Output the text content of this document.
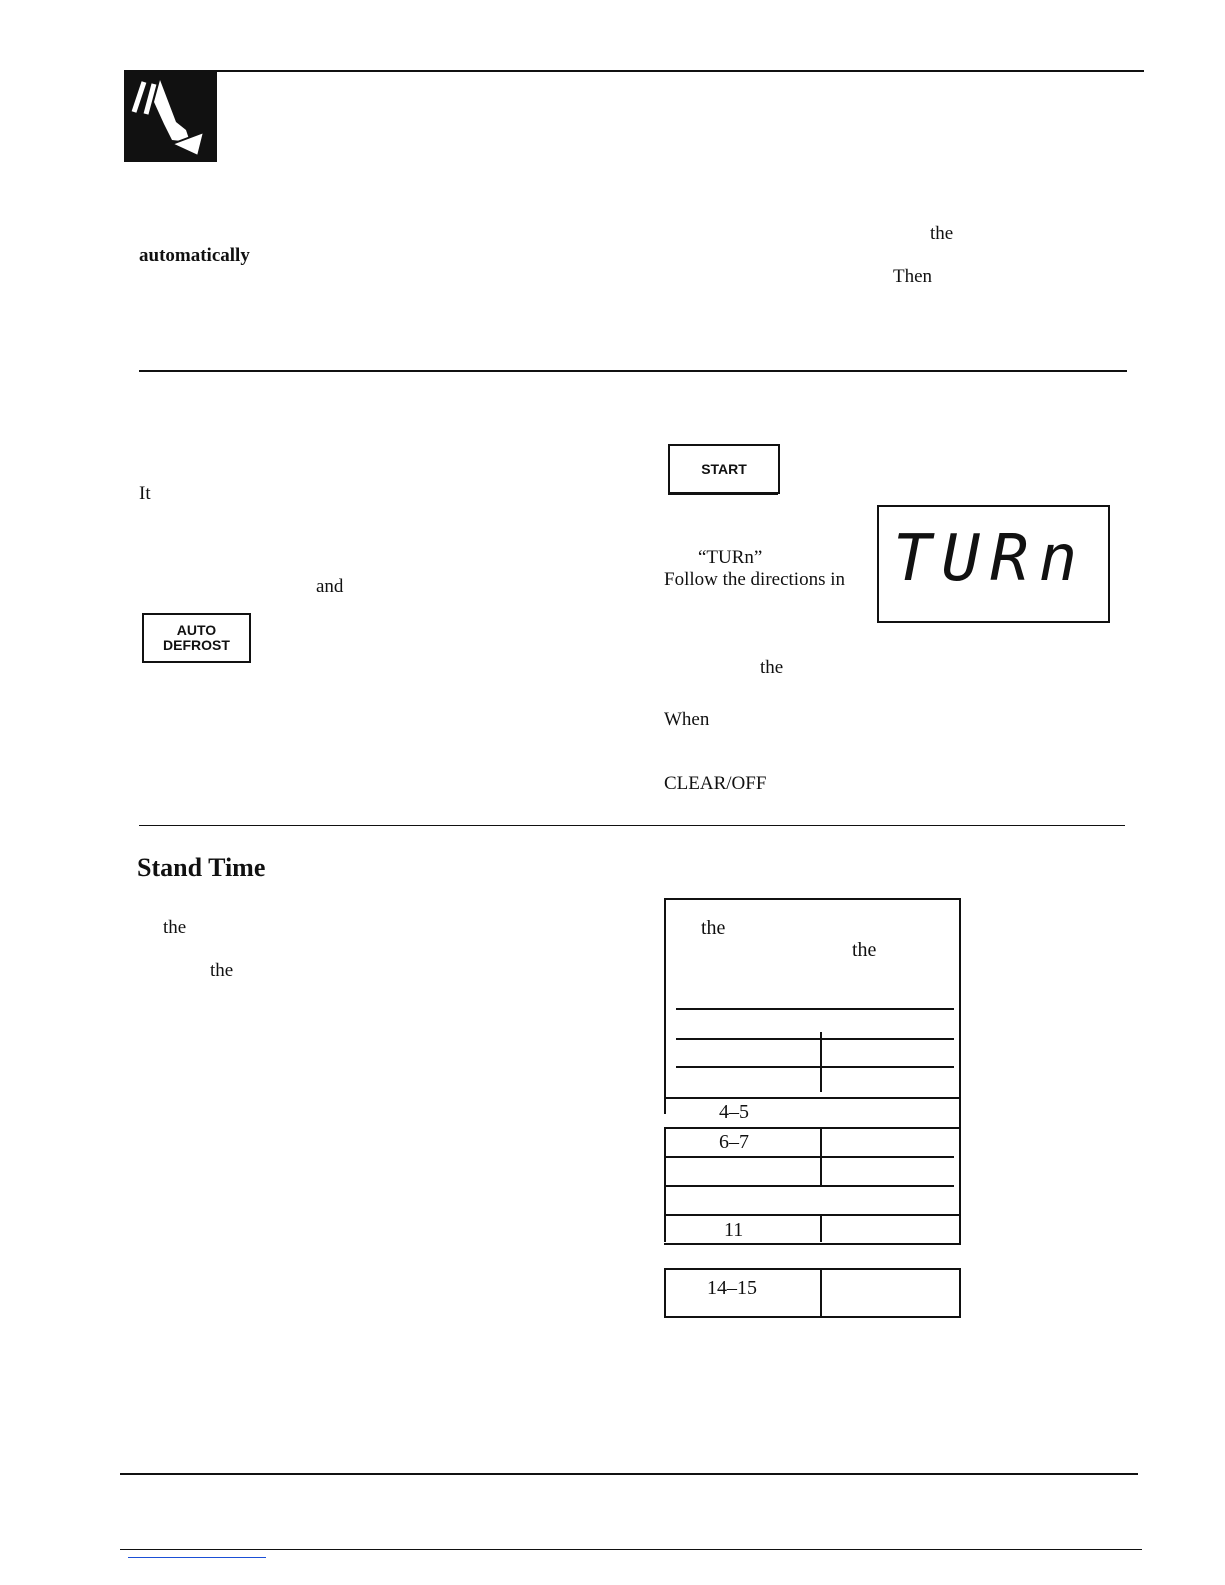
automatically
the
Then
It
and
AUTO
DEFROST
START
“TURn”
Follow the directions in TURn
the
When
CLEAR/OFF
Stand Time
the
the
the
the
4–5
6–7
11
14–15
